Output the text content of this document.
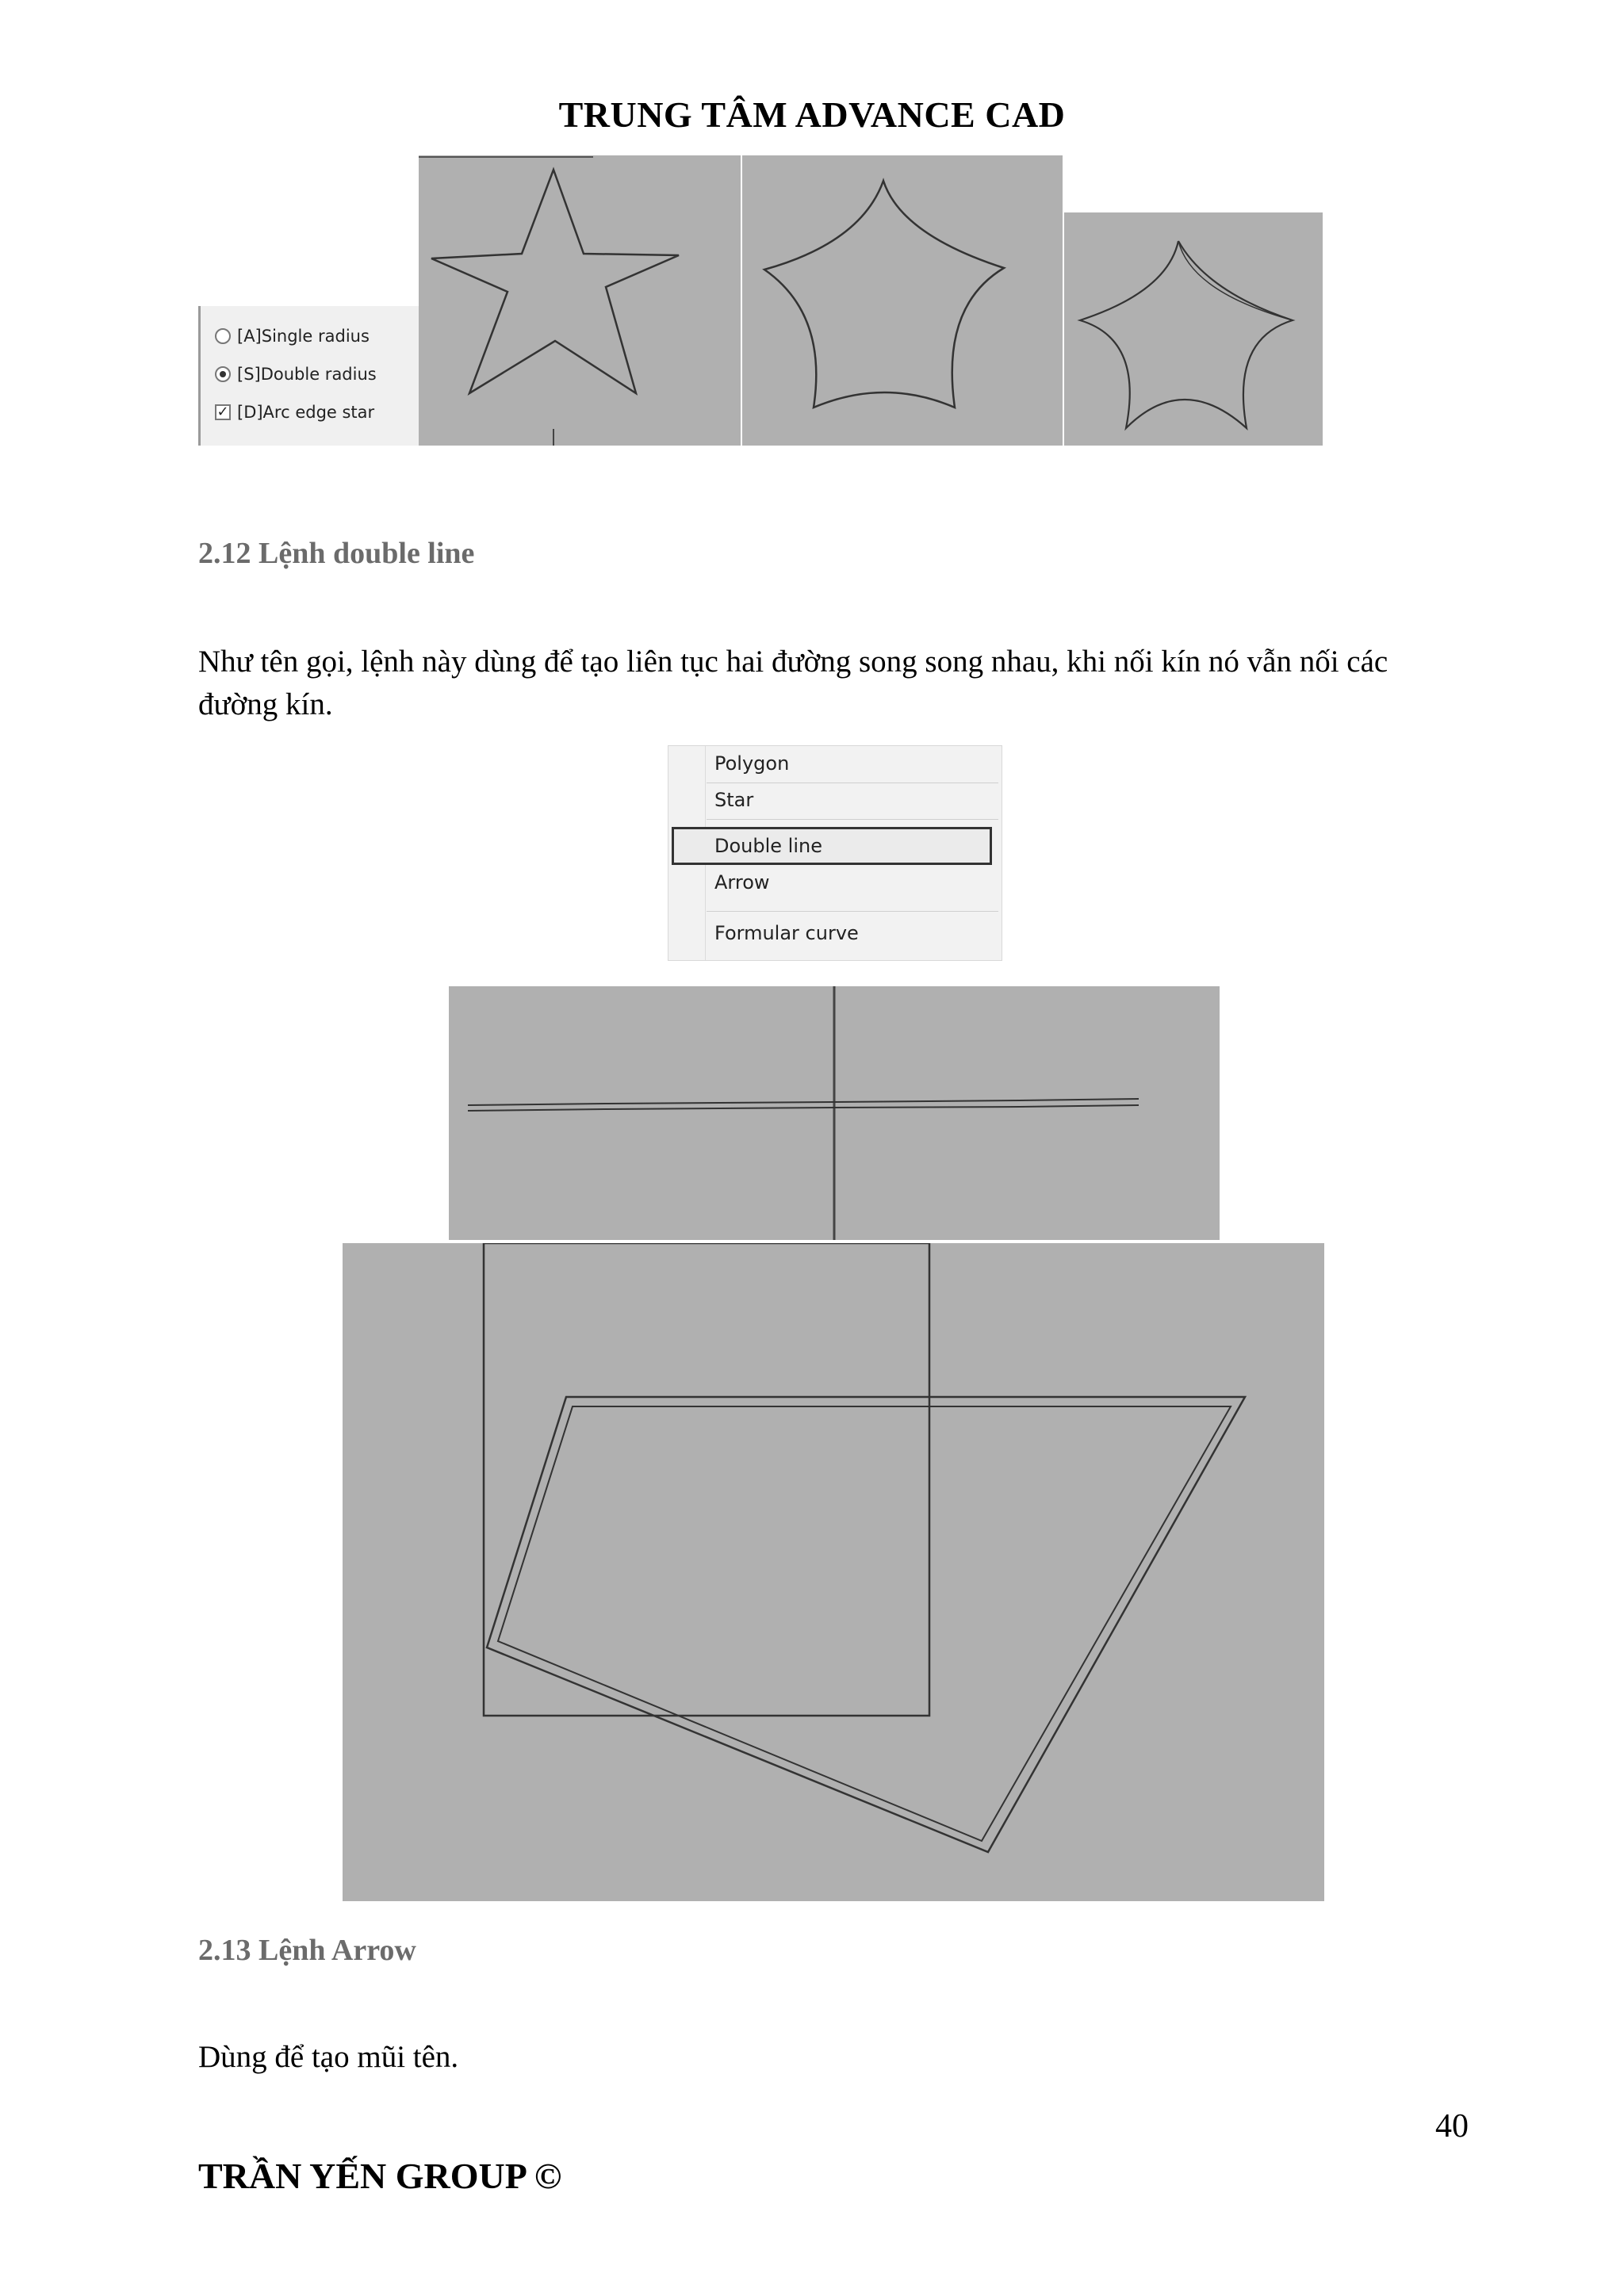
TRUNG TÂM ADVANCE CAD
[A]Single radius
[S]Double radius
✓ [D]Arc edge star
2.12 Lệnh double line
Như tên gọi, lệnh này dùng để tạo liên tục hai đường song song nhau, khi nối kín nó vẫn nối các
đường kín.
Polygon
Star
Double line
Arrow
Formular curve
2.13 Lệnh Arrow
Dùng để tạo mũi tên.
40
TRẦN YẾN GROUP ©
